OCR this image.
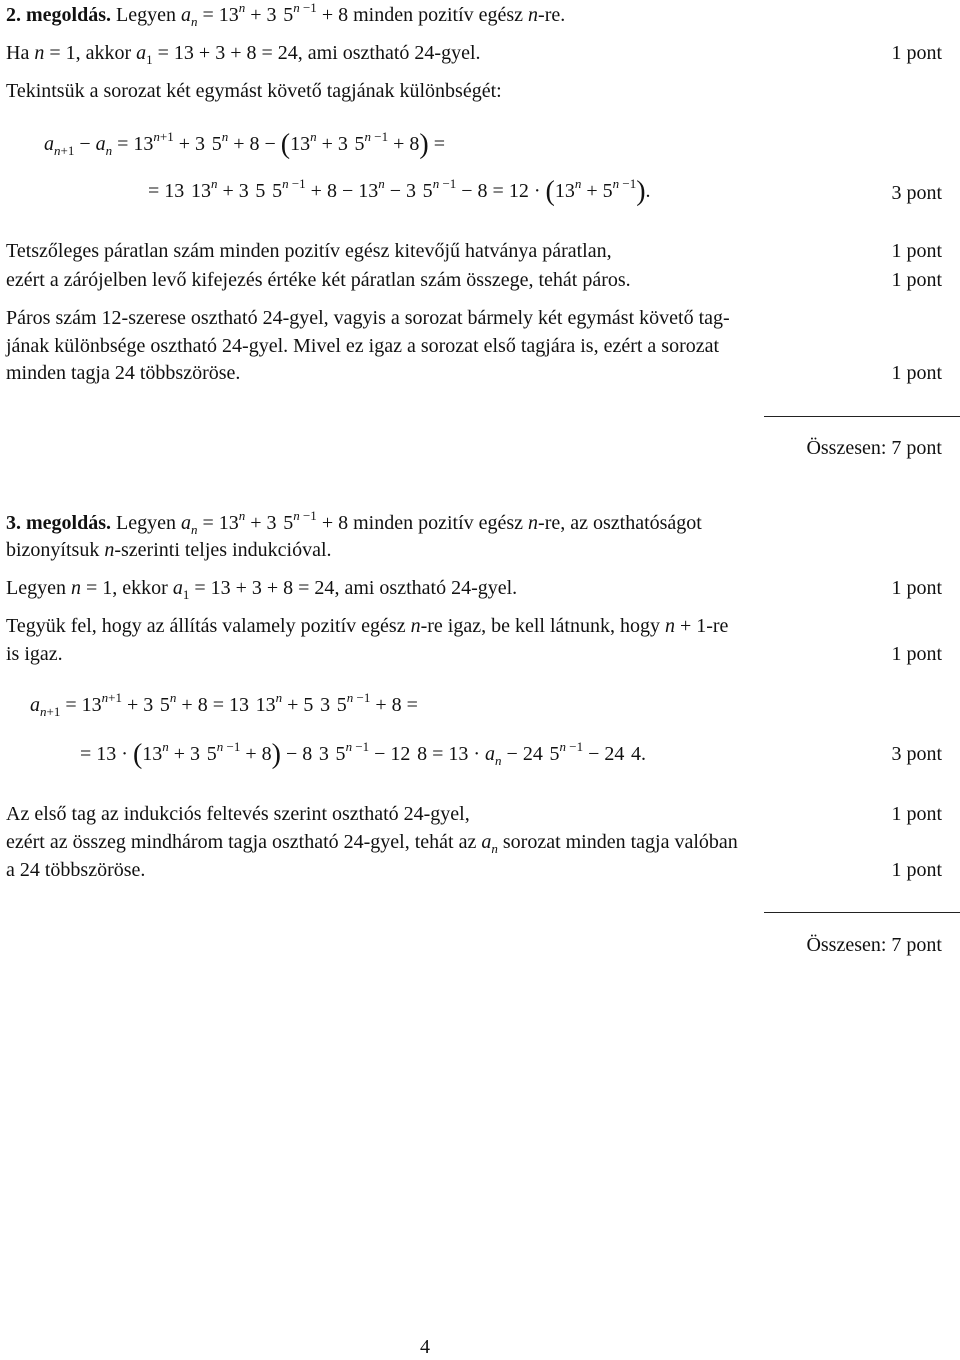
2. megoldás. Legyen $a_n = 13^n + 3$  $5^{n -1} + 8$ minden pozitív egész n-re.
Ha n = 1, akkor $a_1 = 13 + 3 + 8 = 24$, ami osztható 24-gyel.	1 pont
Tekintsük a sorozat két egymást követő tagjának különbségét:
$a_{n+1} - a_n = 13^{n+1} + 3$  $5^n + 8 - (13^n + 3$  $5^{n -1} + 8$) =
= 13  $13^n + 3$  5  $5^{n -1} + 8 - 13^n - 3$  $5^{n -1} - 8 = 12 \cdot (13^n + 5^{n -1})$.	3 pont
Tetszőleges páratlan szám minden pozitív egész kitevőjű hatványa páratlan,	1 pont
ezért a zárójelben levő kifejezés értéke két páratlan szám összege, tehát páros.	1 pont
Páros szám 12-szerese osztható 24-gyel, vagyis a sorozat bármely két egymást követő tag-
jának különbsége osztható 24-gyel. Mivel ez igaz a sorozat első tagjára is, ezért a sorozat
minden tagja 24 többszöröse.	1 pont
Összesen: 7 pont
3. megoldás. Legyen $a_n = 13^n + 3$  $5^{n -1} + 8$ minden pozitív egész n-re, az oszthatóságot
bizonyítsuk n-szerinti teljes indukcióval.
Legyen n = 1, ekkor $a_1 = 13 + 3 + 8 = 24$, ami osztható 24-gyel.	1 pont
Tegyük fel, hogy az állítás valamely pozitív egész n-re igaz, be kell látnunk, hogy n + 1-re
is igaz.	1 pont
$a_{n+1} = 13^{n+1} + 3$  $5^n + 8 = 13$  $13^n + 5$  3  $5^{n -1} + 8$ =
= $13 \cdot (13^n + 3$  $5^{n -1} + 8) - 8$  3  $5^{n -1} - 12$  $8 = 13 \cdot a_n - 24$  $5^{n -1} - 24$  4.	3 pont
Az első tag az indukciós feltevés szerint osztható 24-gyel,	1 pont
ezért az összeg mindhárom tagja osztható 24-gyel, tehát az $a_n$ sorozat minden tagja valóban
a 24 többszöröse.	1 pont
Összesen: 7 pont
4
